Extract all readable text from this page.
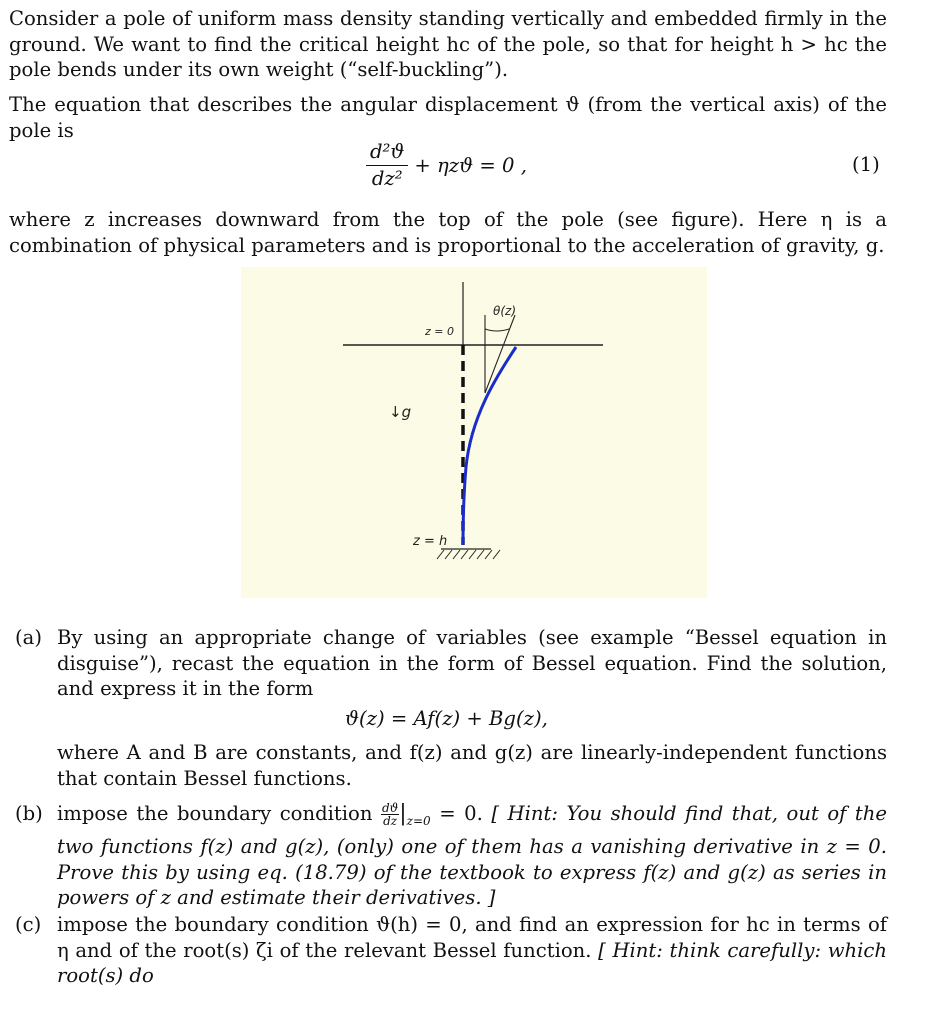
Consider a pole of uniform mass density standing vertically and embedded firmly in the ground. We want to find the critical height hc of the pole, so that for height h > hc the pole bends under its own weight (“self-buckling”).

The equation that describes the angular displacement ϑ (from the vertical axis) of the pole is

$\frac{\text{d²ϑ}}{\text{dz²}} + \eta zϑ = 0$ ,	(1)

where z increases downward from the top of the pole (see figure). Here η is a combination of physical parameters and is proportional to the acceleration of gravity, g.

θ(z)
z = 0
z = h
↓g
(a) By using an appropriate change of variables (see example “Bessel equation in disguise”), recast the equation in the form of Bessel equation. Find the solution, and express it in the form
ϑ(z) = Af(z) + Bg(z),
where A and B are constants, and f(z) and g(z) are linearly-independent functions that contain Bessel functions.
(b) impose the boundary condition $\frac{dϑ}{dz} |_{z=0} = 0$. [ Hint: You should find that, out of the two functions f(z) and g(z), (only) one of them has a vanishing derivative in z = 0. Prove this by using eq. (18.79) of the textbook to express f(z) and g(z) as series in powers of z and estimate their derivatives. ]
(c) impose the boundary condition ϑ(h) = 0, and find an expression for hc in terms of η and of the root(s) ζi of the relevant Bessel function. [ Hint: think carefully: which root(s) do
